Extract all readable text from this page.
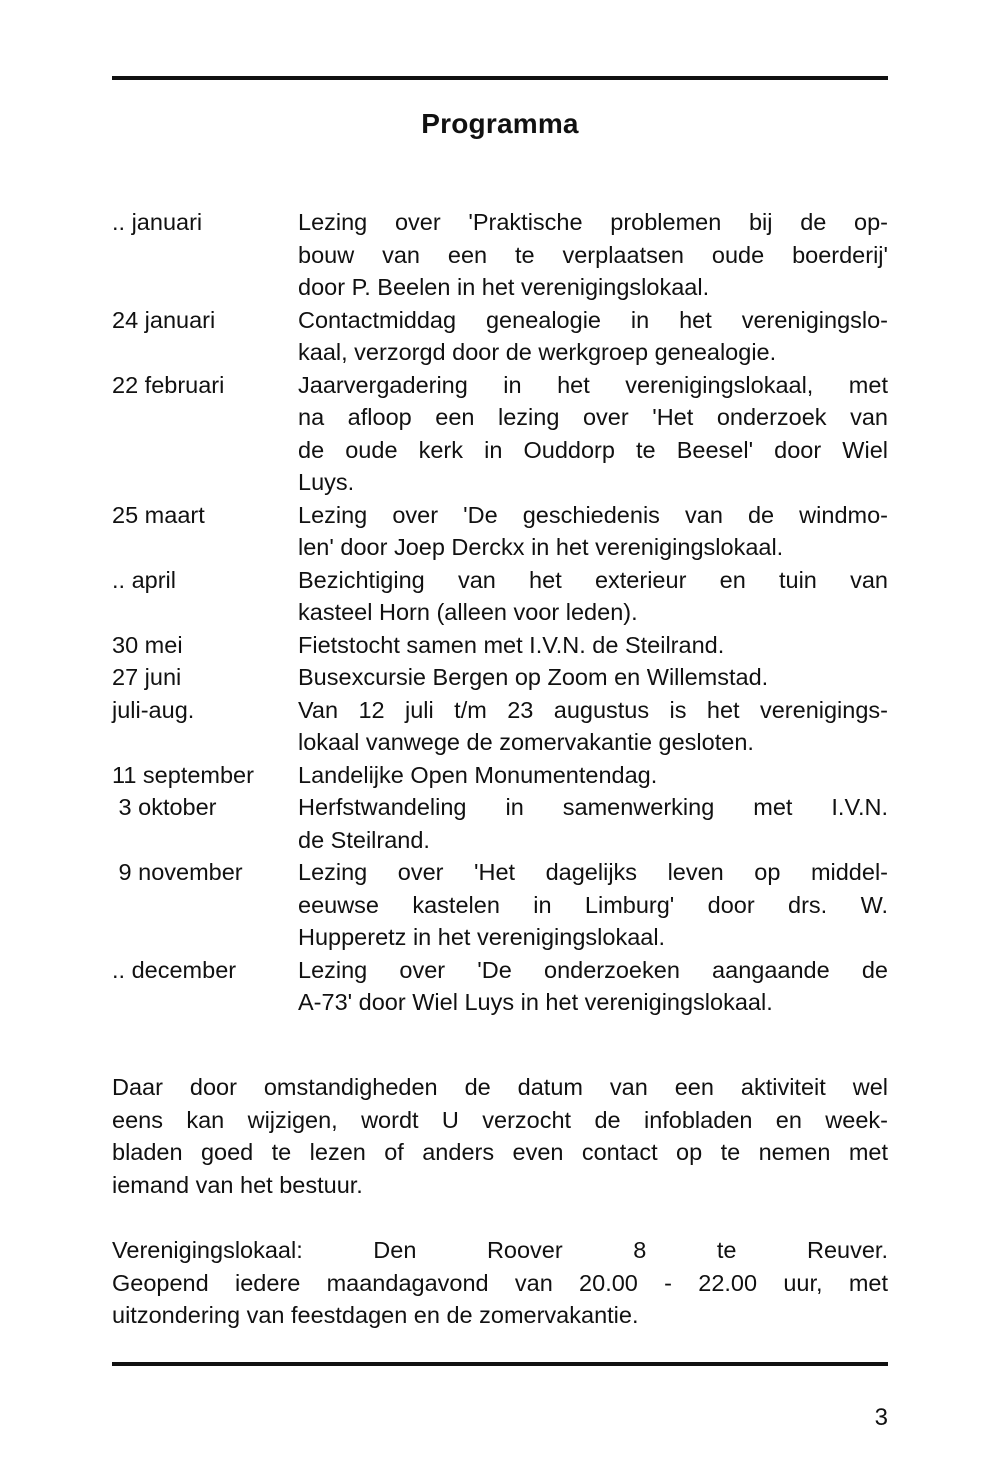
Programma
.. januari	Lezing over 'Praktische problemen bij de op-
bouw van een te verplaatsen oude boerderij'
door P. Beelen in het verenigingslokaal.
24 januari	Contactmiddag genealogie in het verenigingslo-
kaal, verzorgd door de werkgroep genealogie.
22 februari	Jaarvergadering in het verenigingslokaal, met
na afloop een lezing over 'Het onderzoek van
de oude kerk in Ouddorp te Beesel' door Wiel
Luys.
25 maart	Lezing over 'De geschiedenis van de windmo-
len' door Joep Derckx in het verenigingslokaal.
.. april	Bezichtiging van het exterieur en tuin van
kasteel Horn (alleen voor leden).
30 mei	Fietstocht samen met I.V.N. de Steilrand.
27 juni	Busexcursie Bergen op Zoom en Willemstad.
juli-aug.	Van 12 juli t/m 23 augustus is het verenigings-
lokaal vanwege de zomervakantie gesloten.
11 september	Landelijke Open Monumentendag.
3 oktober	Herfstwandeling in samenwerking met I.V.N.
de Steilrand.
9 november	Lezing over 'Het dagelijks leven op middel-
eeuwse kastelen in Limburg' door drs. W.
Hupperetz in het verenigingslokaal.
.. december	Lezing over 'De onderzoeken aangaande de
A-73' door Wiel Luys in het verenigingslokaal.
Daar door omstandigheden de datum van een aktiviteit wel
eens kan wijzigen, wordt U verzocht de infobladen en week-
bladen goed te lezen of anders even contact op te nemen met
iemand van het bestuur.
Verenigingslokaal: Den Roover 8 te Reuver.
Geopend iedere maandagavond van 20.00 - 22.00 uur, met
uitzondering van feestdagen en de zomervakantie.
3
